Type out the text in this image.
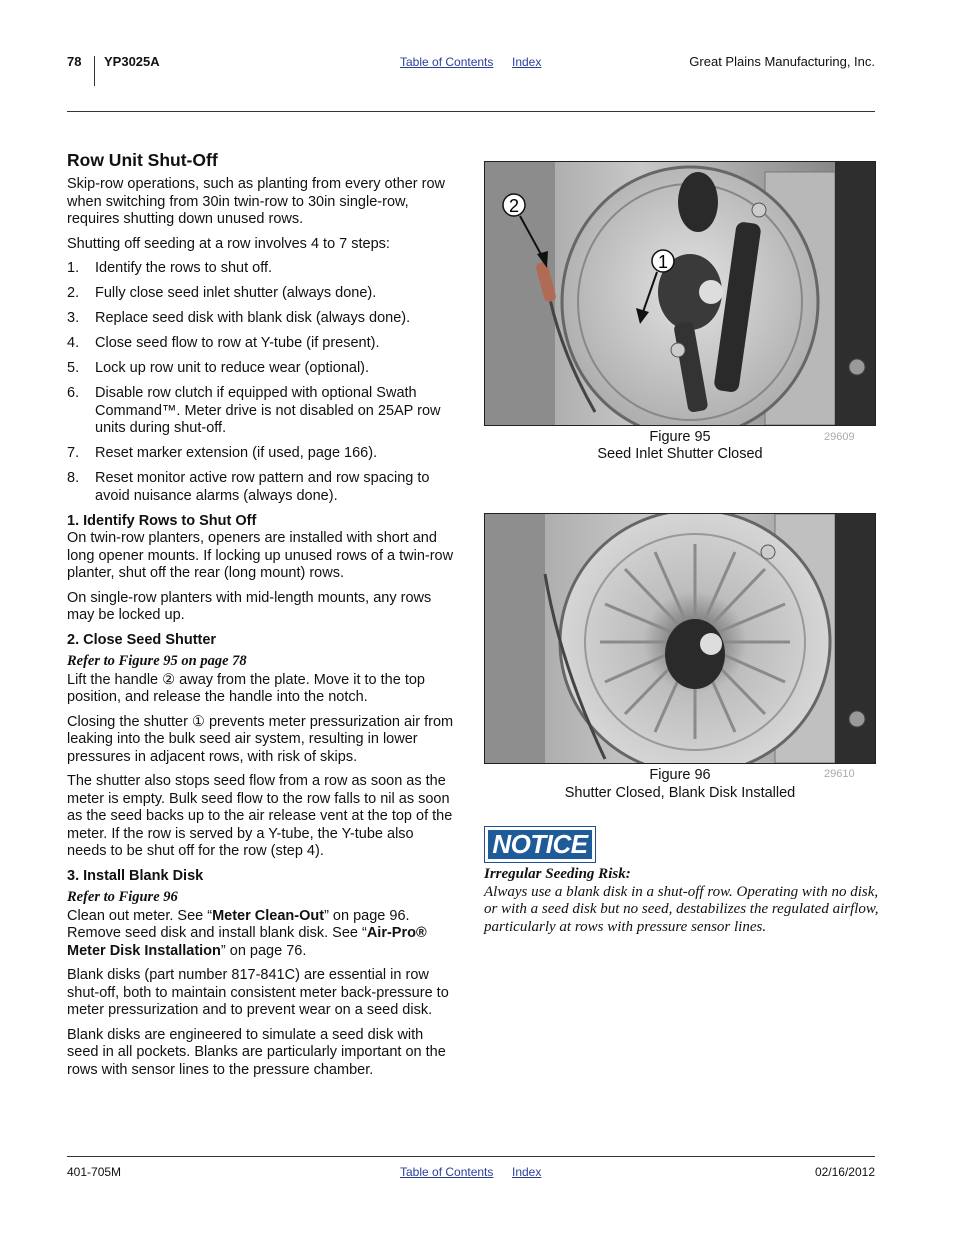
78 YP3025A	Table of Contents Index	Great Plains Manufacturing, Inc.
Row Unit Shut-Off

Skip-row operations, such as planting from every other row when switching from 30in twin-row to 30in single-row, requires shutting down unused rows.

Shutting off seeding at a row involves 4 to 7 steps:

1. Identify the rows to shut off.
2. Fully close seed inlet shutter (always done).
3. Replace seed disk with blank disk (always done).
4. Close seed flow to row at Y-tube (if present).
5. Lock up row unit to reduce wear (optional).
6. Disable row clutch if equipped with optional Swath Command™. Meter drive is not disabled on 25AP row units during shut-off.
7. Reset marker extension (if used, page 166).
8. Reset monitor active row pattern and row spacing to avoid nuisance alarms (always done).
1. Identify Rows to Shut Off

On twin-row planters, openers are installed with short and long opener mounts. If locking up unused rows of a twin-row planter, shut off the rear (long mount) rows.

On single-row planters with mid-length mounts, any rows may be locked up.

2. Close Seed Shutter
Refer to Figure 95 on page 78

Lift the handle ② away from the plate. Move it to the top position, and release the handle into the notch.

Closing the shutter ① prevents meter pressurization air from leaking into the bulk seed air system, resulting in lower pressures in adjacent rows, with risk of skips.

The shutter also stops seed flow from a row as soon as the meter is empty. Bulk seed flow to the row falls to nil as soon as the seed backs up to the air release vent at the top of the meter. If the row is served by a Y-tube, the Y-tube also needs to be shut off for the row (step 4).

3. Install Blank Disk
Refer to Figure 96

Clean out meter. See “Meter Clean-Out” on page 96. Remove seed disk and install blank disk. See “Air-Pro® Meter Disk Installation” on page 76.

Blank disks (part number 817-841C) are essential in row shut-off, both to maintain consistent meter back-pressure to meter pressurization and to prevent wear on a seed disk.

Blank disks are engineered to simulate a seed disk with seed in all pockets. Blanks are particularly important on the rows with sensor lines to the pressure chamber.

2
1
Figure 95
Seed Inlet Shutter Closed
29609
Figure 96
Shutter Closed, Blank Disk Installed
29610
NOTICE
Irregular Seeding Risk:
Always use a blank disk in a shut-off row. Operating with no disk, or with a seed disk but no seed, destabilizes the regulated airflow, particularly at rows with pressure sensor lines.
401-705M	Table of Contents Index	02/16/2012
